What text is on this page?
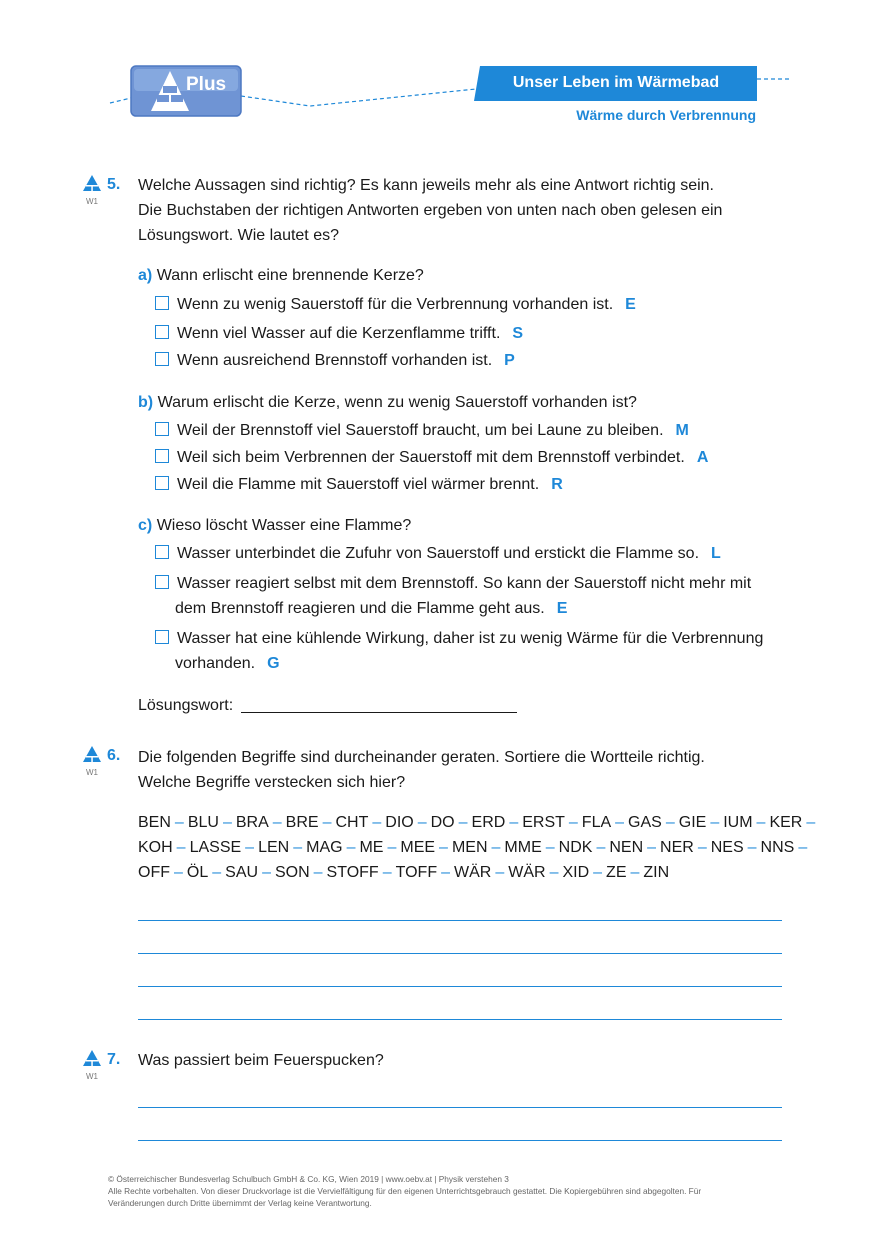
Plus	Unser Leben im Wärmebad
Wärme durch Verbrennung
W1
5. Welche Aussagen sind richtig? Es kann jeweils mehr als eine Antwort richtig sein.
Die Buchstaben der richtigen Antworten ergeben von unten nach oben gelesen ein
Lösungswort. Wie lautet es?
a) Wann erlischt eine brennende Kerze?
Wenn zu wenig Sauerstoff für die Verbrennung vorhanden ist. E
Wenn viel Wasser auf die Kerzenflamme trifft. S
Wenn ausreichend Brennstoff vorhanden ist. P
b) Warum erlischt die Kerze, wenn zu wenig Sauerstoff vorhanden ist?
Weil der Brennstoff viel Sauerstoff braucht, um bei Laune zu bleiben. M
Weil sich beim Verbrennen der Sauerstoff mit dem Brennstoff verbindet. A
Weil die Flamme mit Sauerstoff viel wärmer brennt. R
c) Wieso löscht Wasser eine Flamme?
Wasser unterbindet die Zufuhr von Sauerstoff und erstickt die Flamme so. L
Wasser reagiert selbst mit dem Brennstoff. So kann der Sauerstoff nicht mehr mit
dem Brennstoff reagieren und die Flamme geht aus. E
Wasser hat eine kühlende Wirkung, daher ist zu wenig Wärme für die Verbrennung
vorhanden. G
Lösungswort:
W1
6. Die folgenden Begriffe sind durcheinander geraten. Sortiere die Wortteile richtig.
Welche Begriffe verstecken sich hier?
BEN – BLU – BRA – BRE – CHT – DIO – DO – ERD – ERST – FLA – GAS – GIE – IUM – KER –
KOH – LASSE – LEN – MAG – ME – MEE – MEN – MME – NDK – NEN – NER – NES – NNS –
OFF – ÖL – SAU – SON – STOFF – TOFF – WÄR – WÄR – XID – ZE – ZIN
W1
7. Was passiert beim Feuerspucken?
© Österreichischer Bundesverlag Schulbuch GmbH & Co. KG, Wien 2019 | www.oebv.at | Physik verstehen 3
Alle Rechte vorbehalten. Von dieser Druckvorlage ist die Vervielfältigung für den eigenen Unterrichtsgebrauch gestattet. Die Kopiergebühren sind abgegolten. Für
Veränderungen durch Dritte übernimmt der Verlag keine Verantwortung.
